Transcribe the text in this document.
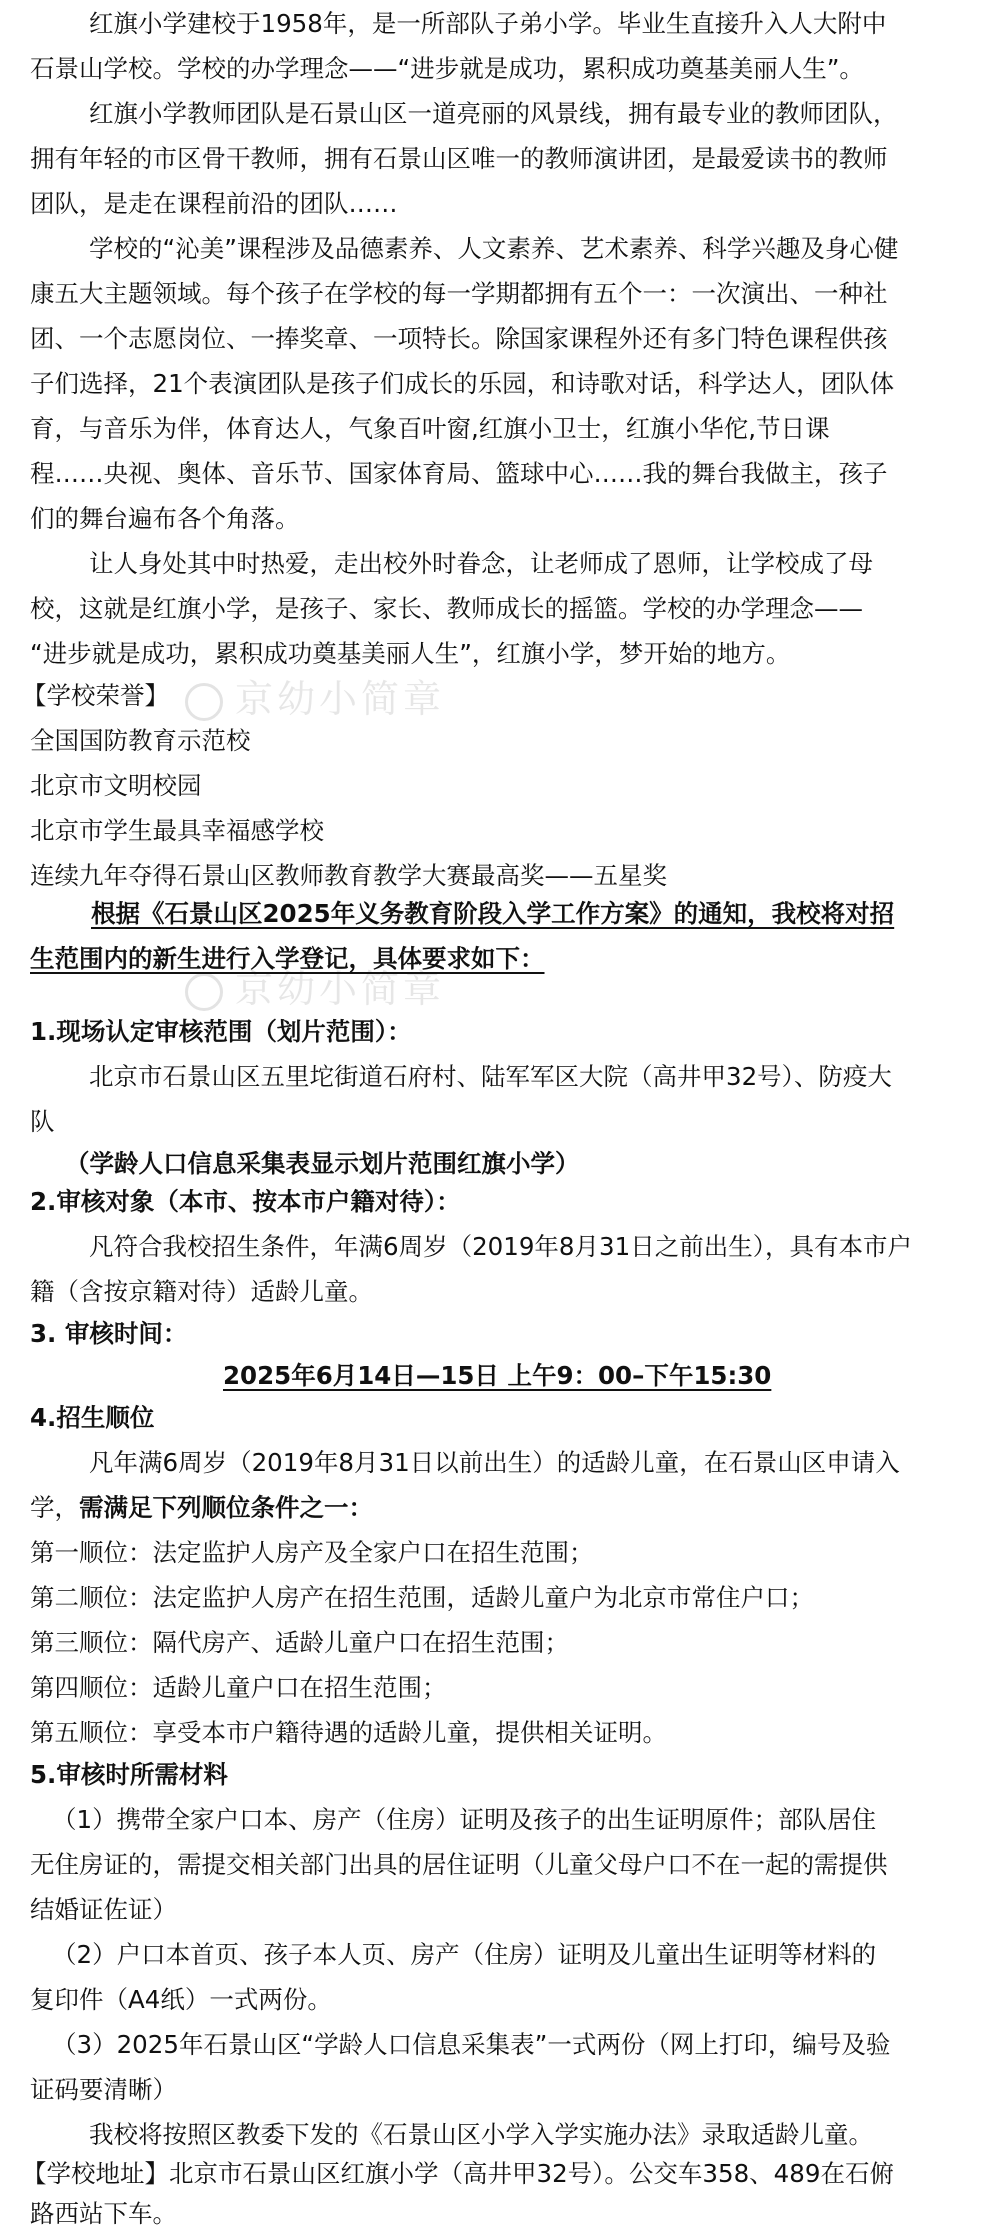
京幼小简章
京幼小简章
红旗小学建校于1958年，是一所部队子弟小学。毕业生直接升入人大附中
石景山学校。学校的办学理念——“进步就是成功，累积成功奠基美丽人生”。
红旗小学教师团队是石景山区一道亮丽的风景线，拥有最专业的教师团队，
拥有年轻的市区骨干教师，拥有石景山区唯一的教师演讲团，是最爱读书的教师
团队，是走在课程前沿的团队……
学校的“沁美”课程涉及品德素养、人文素养、艺术素养、科学兴趣及身心健
康五大主题领域。每个孩子在学校的每一学期都拥有五个一：一次演出、一种社
团、一个志愿岗位、一捧奖章、一项特长。除国家课程外还有多门特色课程供孩
子们选择，21个表演团队是孩子们成长的乐园，和诗歌对话，科学达人，团队体
育，与音乐为伴，体育达人，气象百叶窗,红旗小卫士，红旗小华佗,节日课
程……央视、奥体、音乐节、国家体育局、篮球中心……我的舞台我做主，孩子
们的舞台遍布各个角落。
让人身处其中时热爱，走出校外时眷念，让老师成了恩师，让学校成了母
校，这就是红旗小学，是孩子、家长、教师成长的摇篮。学校的办学理念——
“进步就是成功，累积成功奠基美丽人生”，红旗小学，梦开始的地方。
【学校荣誉】
全国国防教育示范校
北京市文明校园
北京市学生最具幸福感学校
连续九年夺得石景山区教师教育教学大赛最高奖——五星奖
根据《石景山区2025年义务教育阶段入学工作方案》的通知，我校将对招
生范围内的新生进行入学登记，具体要求如下：
1.现场认定审核范围（划片范围）：
北京市石景山区五里坨街道石府村、陆军军区大院（高井甲32号）、防疫大
队
（学龄人口信息采集表显示划片范围红旗小学）
2.审核对象（本市、按本市户籍对待）：
凡符合我校招生条件，年满6周岁（2019年8月31日之前出生），具有本市户
籍（含按京籍对待）适龄儿童。
3. 审核时间：
2025年6月14日—15日 上午9：00–下午15:30
4.招生顺位
凡年满6周岁（2019年8月31日以前出生）的适龄儿童，在石景山区申请入
学，需满足下列顺位条件之一：
第一顺位：法定监护人房产及全家户口在招生范围；
第二顺位：法定监护人房产在招生范围，适龄儿童户为北京市常住户口；
第三顺位：隔代房产、适龄儿童户口在招生范围；
第四顺位：适龄儿童户口在招生范围；
第五顺位：享受本市户籍待遇的适龄儿童，提供相关证明。
5.审核时所需材料
（1）携带全家户口本、房产（住房）证明及孩子的出生证明原件；部队居住
无住房证的，需提交相关部门出具的居住证明（儿童父母户口不在一起的需提供
结婚证佐证）
（2）户口本首页、孩子本人页、房产（住房）证明及儿童出生证明等材料的
复印件（A4纸）一式两份。
（3）2025年石景山区“学龄人口信息采集表”一式两份（网上打印，编号及验
证码要清晰）
我校将按照区教委下发的《石景山区小学入学实施办法》录取适龄儿童。
【学校地址】北京市石景山区红旗小学（高井甲32号）。公交车358、489在石俯
路西站下车。
